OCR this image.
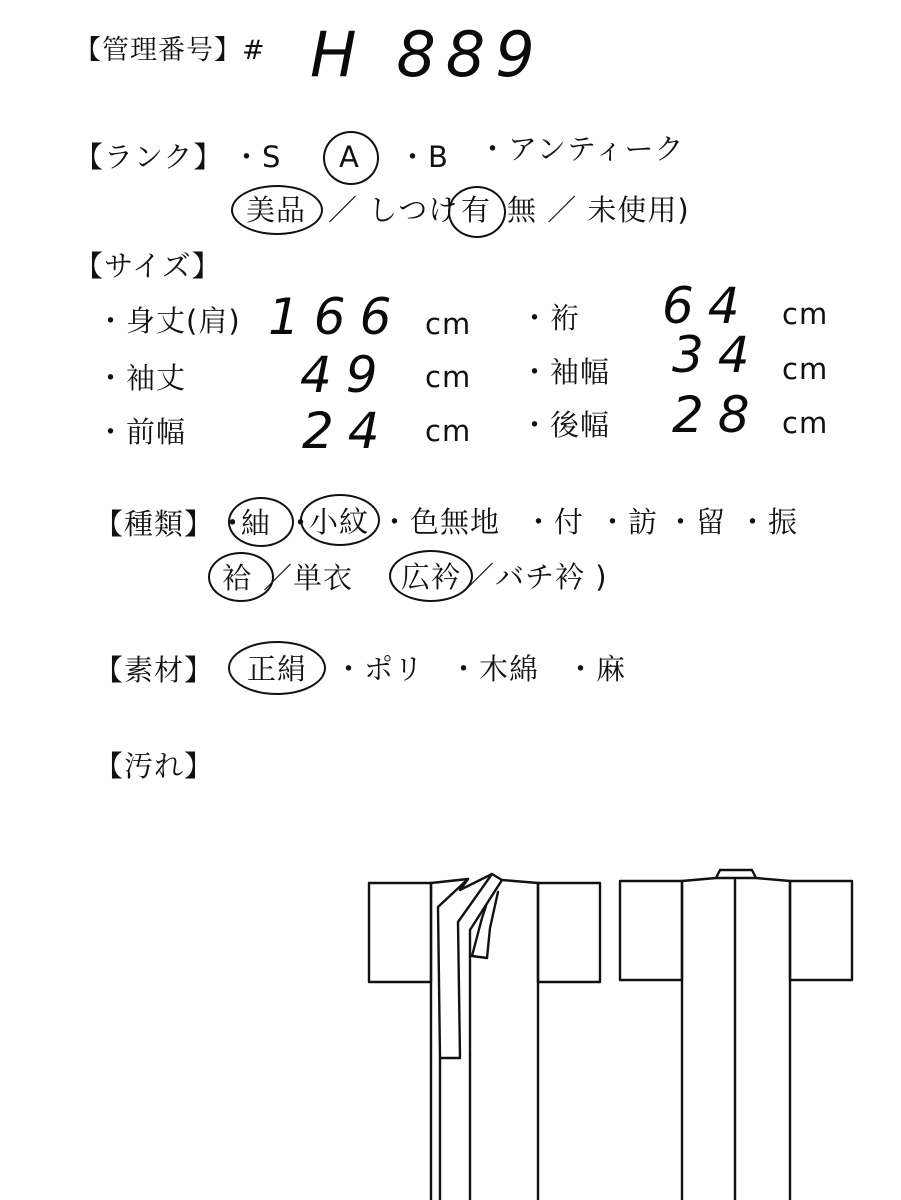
【管理番号】# H 889
【ランク】 ・S A ・B ・アンティーク
美品 ／ しつけ 有 無 ／ 未使用)
【サイズ】
・身丈(肩) 166 cm ・裄 64 cm
・袖丈 49 cm ・袖幅 34 cm
・前幅 24 cm ・後幅 28 cm
【種類】 ・
紬 ・
小紋 ・色無地 ・付 ・訪 ・留 ・振
袷 ／単衣 広衿 ／バチ衿 )
【素材】 正絹 ・ポリ ・木綿 ・麻
【汚れ】
